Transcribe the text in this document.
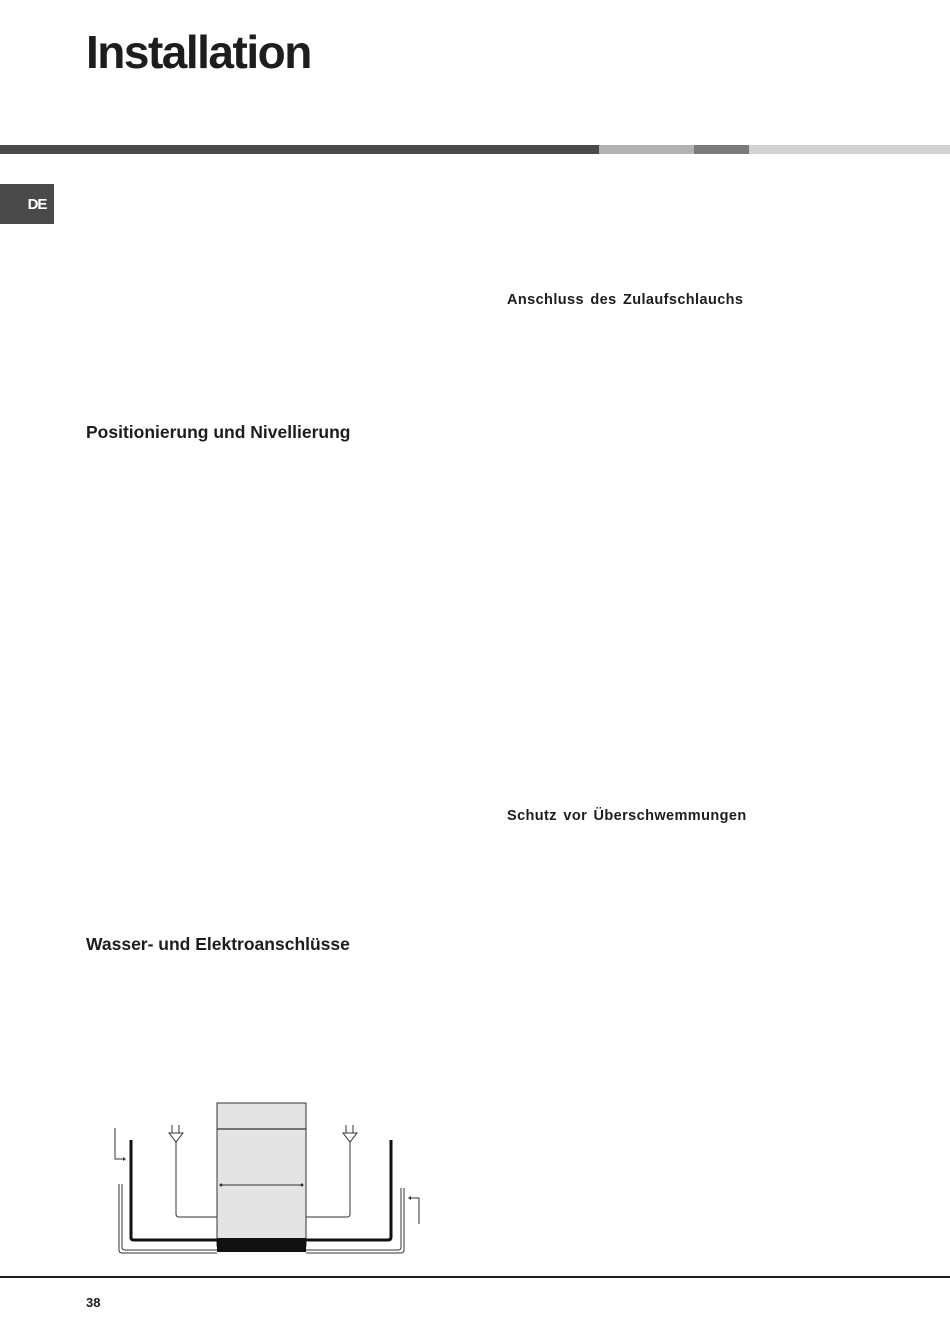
Installation
DE
Anschluss des Zulaufschlauchs
Positionierung und Nivellierung
Schutz vor Überschwemmungen
Wasser- und Elektroanschlüsse
38
